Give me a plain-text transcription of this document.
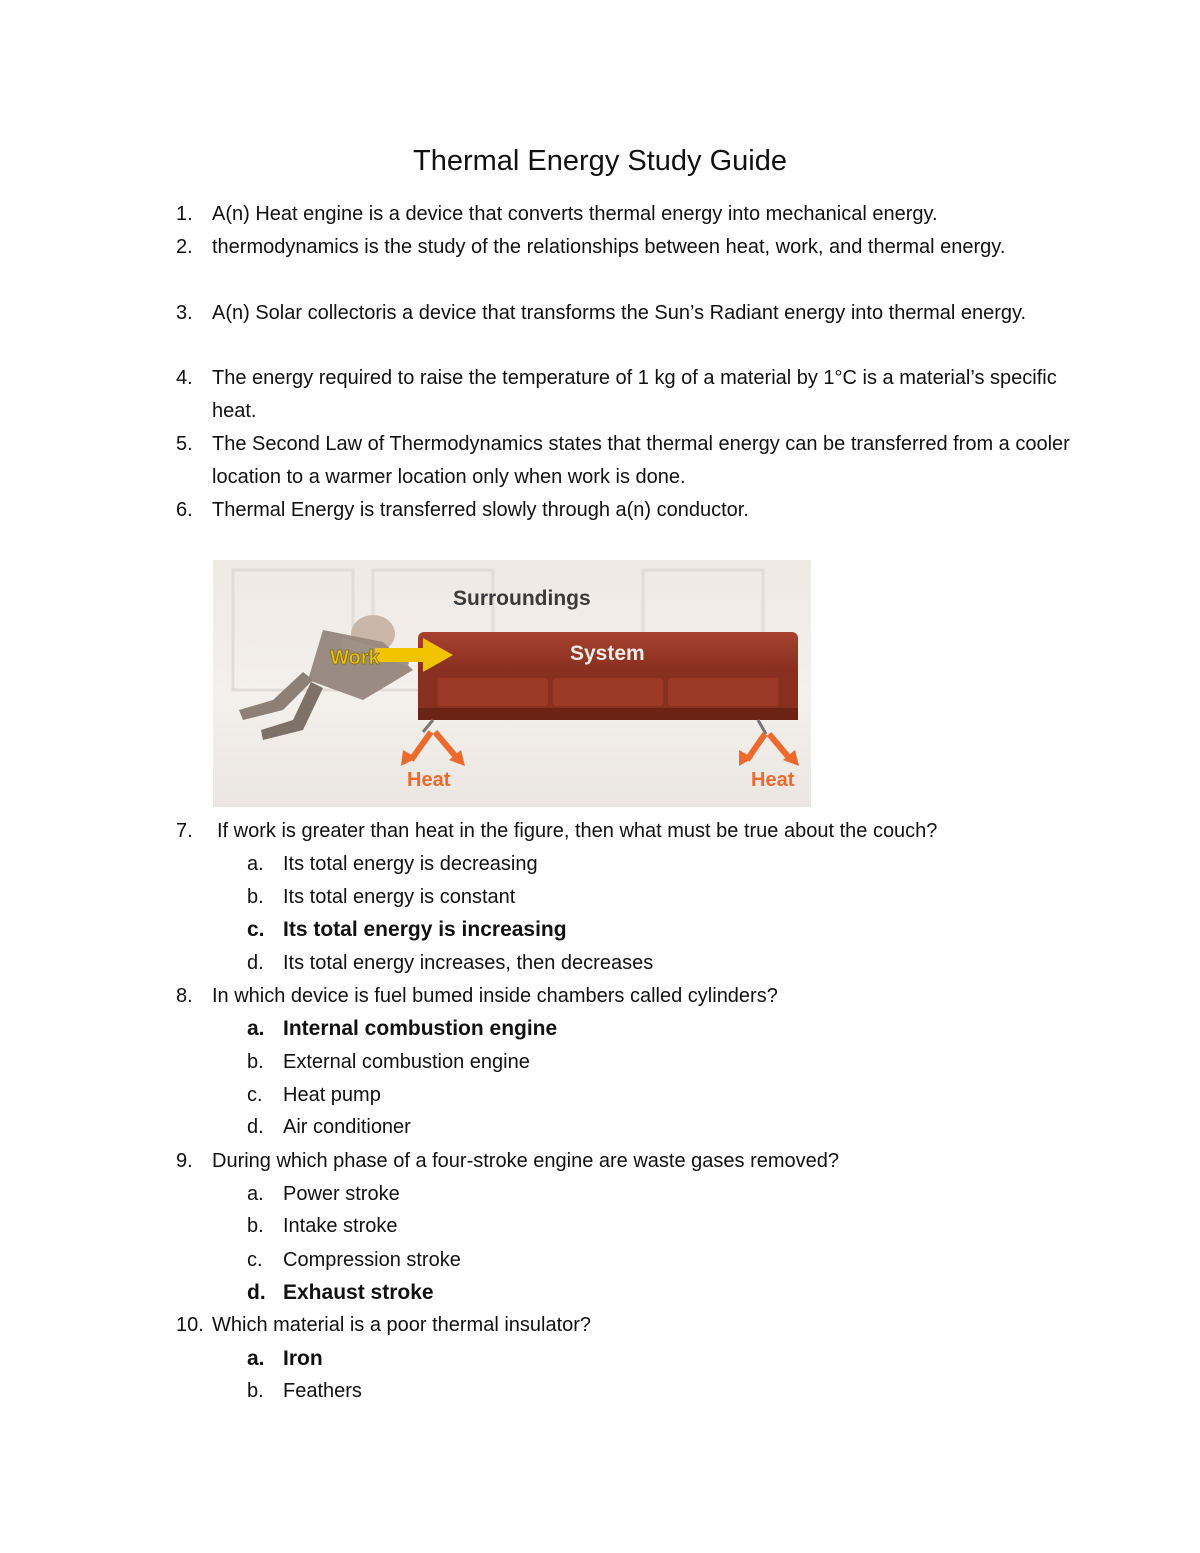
Thermal Energy Study Guide
1. A(n) Heat engine is a device that converts thermal energy into mechanical energy.
2. thermodynamics is the study of the relationships between heat, work, and thermal energy.
3. A(n) Solar collectoris a device that transforms the Sun’s Radiant energy into thermal energy.
4. The energy required to raise the temperature of 1 kg of a material by 1°C is a material’s specific heat.
5. The Second Law of Thermodynamics states that thermal energy can be transferred from a cooler location to a warmer location only when work is done.
6. Thermal Energy is transferred slowly through a(n) conductor.
Surroundings
System
Work
Heat	Heat
7. If work is greater than heat in the figure, then what must be true about the couch?
a. Its total energy is decreasing
b. Its total energy is constant
c. Its total energy is increasing
d. Its total energy increases, then decreases
8. In which device is fuel bumed inside chambers called cylinders?
a. Internal combustion engine
b. External combustion engine
c. Heat pump
d. Air conditioner
9. During which phase of a four-stroke engine are waste gases removed?
a. Power stroke
b. Intake stroke
c. Compression stroke
d. Exhaust stroke
10. Which material is a poor thermal insulator?
a. Iron
b. Feathers
